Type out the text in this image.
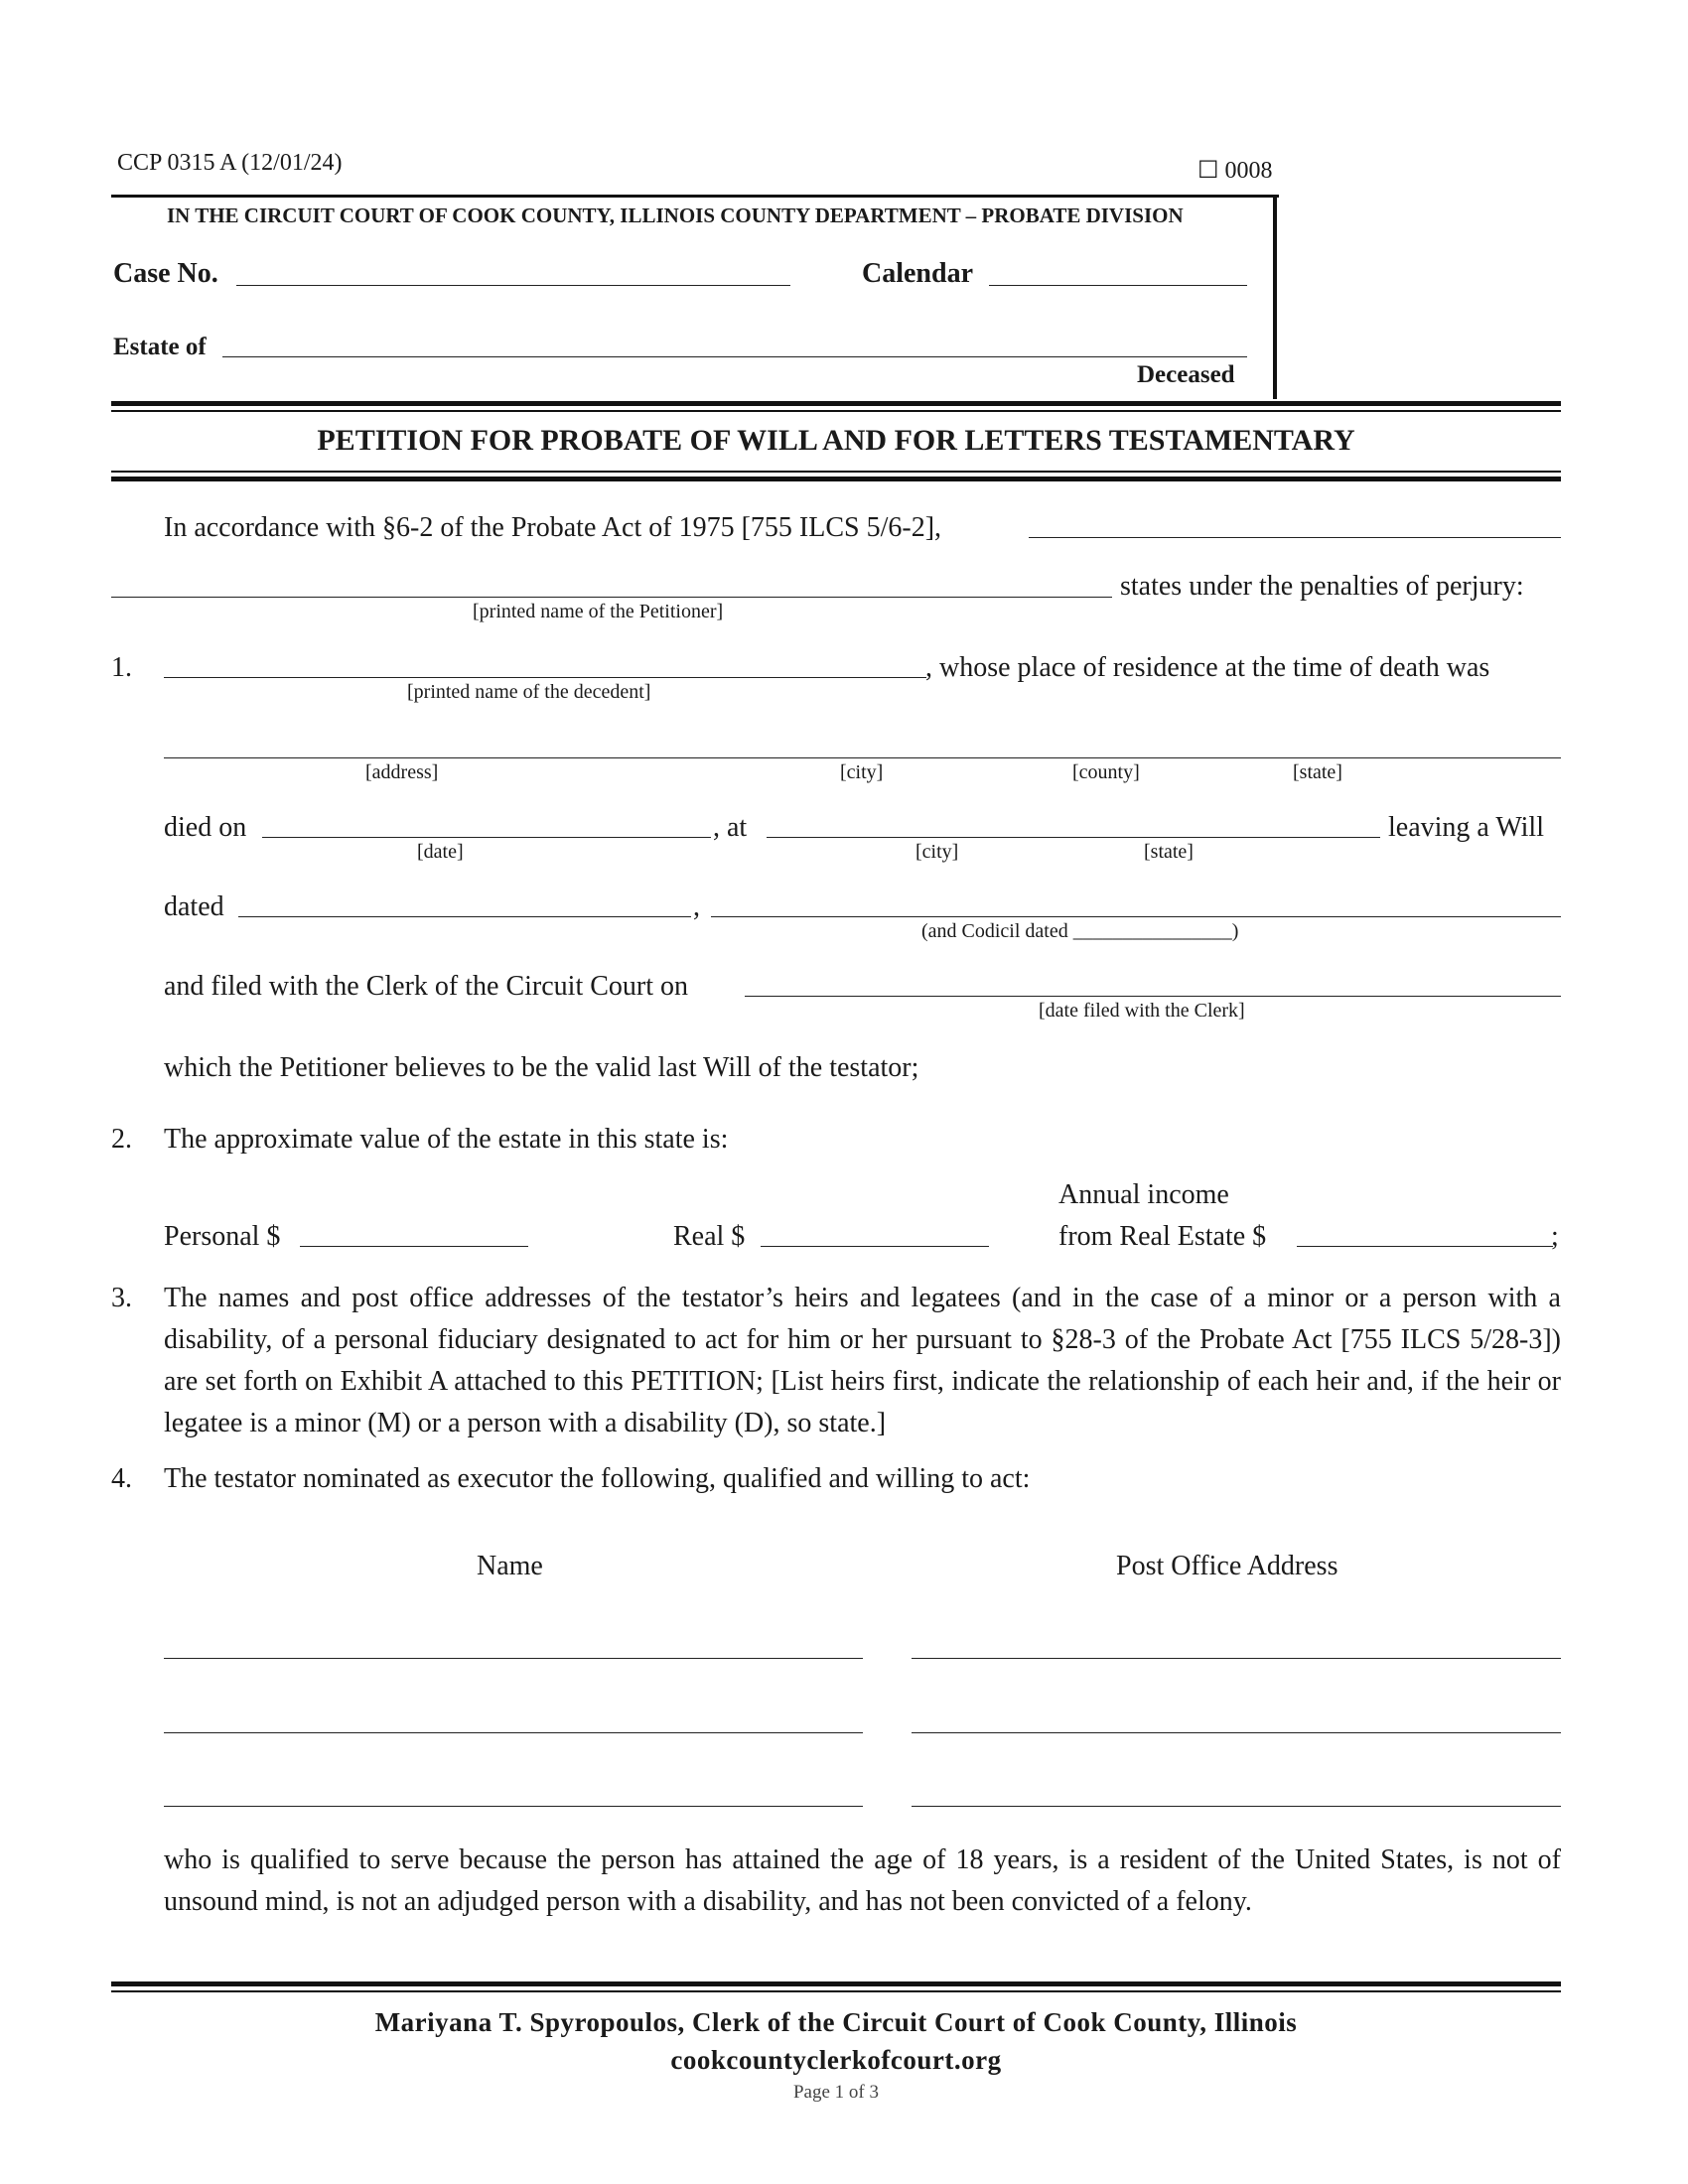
CCP 0315 A (12/01/24)	☐ 0008
IN THE CIRCUIT COURT OF COOK COUNTY, ILLINOIS COUNTY DEPARTMENT – PROBATE DIVISION
Case No.	Calendar
Estate of
Deceased
PETITION FOR PROBATE OF WILL AND FOR LETTERS TESTAMENTARY
In accordance with §6-2 of the Probate Act of 1975 [755 ILCS 5/6-2],
states under the penalties of perjury:
[printed name of the Petitioner]
1.	, whose place of residence at the time of death was
[printed name of the decedent]
[address]	[city]	[county]	[state]
died on	, at	leaving a Will
[date]	[city]	[state]
dated	,
(and Codicil dated ________________)
and filed with the Clerk of the Circuit Court on
[date filed with the Clerk]
which the Petitioner believes to be the valid last Will of the testator;
2. The approximate value of the estate in this state is:
Annual income
Personal $	Real $	from Real Estate $	;
3. The names and post office addresses of the testator’s heirs and legatees (and in the case of a minor or a person with a disability, of a personal fiduciary designated to act for him or her pursuant to §28-3 of the Probate Act [755 ILCS 5/28-3]) are set forth on Exhibit A attached to this PETITION; [List heirs first, indicate the relationship of each heir and, if the heir or legatee is a minor (M) or a person with a disability (D), so state.]
4. The testator nominated as executor the following, qualified and willing to act:
Name	Post Office Address
who is qualified to serve because the person has attained the age of 18 years, is a resident of the United States, is not of unsound mind, is not an adjudged person with a disability, and has not been convicted of a felony.
Mariyana T. Spyropoulos, Clerk of the Circuit Court of Cook County, Illinois
cookcountyclerkofcourt.org
Page 1 of 3
